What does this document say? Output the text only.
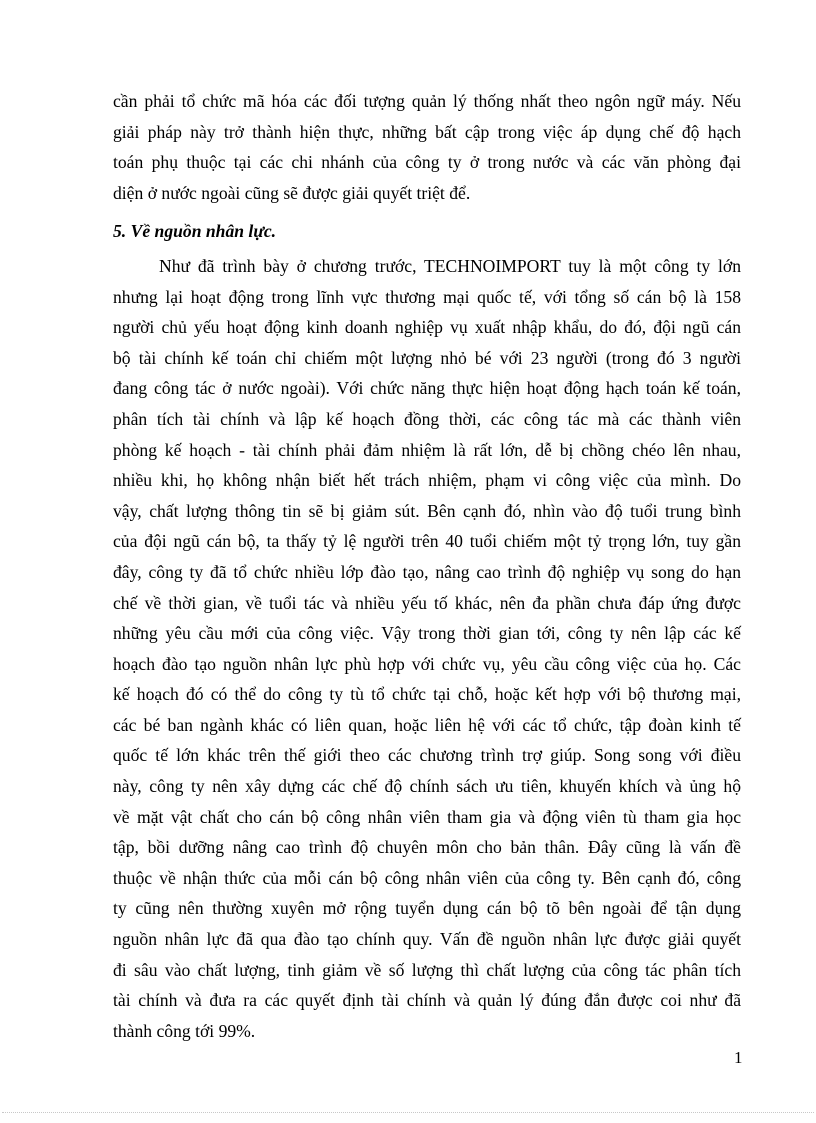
cần phải tổ chức mã hóa các đối tượng quản lý thống nhất theo ngôn ngữ máy. Nếu
giải pháp này trở thành hiện thực, những bất cập trong việc áp dụng chế độ hạch
toán phụ thuộc tại các chi nhánh của công ty ở trong nước và các văn phòng đại
diện ở nước ngoài cũng sẽ được giải quyết triệt để.
5. Về nguồn nhân lực.
Như đã trình bày ở chương trước, TECHNOIMPORT tuy là một công ty lớn
nhưng lại hoạt động trong lĩnh vực thương mại quốc tế, với tổng số cán bộ là 158
người chủ yếu hoạt động kinh doanh nghiệp vụ xuất nhập khẩu, do đó, đội ngũ cán
bộ tài chính kế toán chỉ chiếm một lượng nhỏ bé với 23 người (trong đó 3 người
đang công tác ở nước ngoài). Với chức năng thực hiện hoạt động hạch toán kế toán,
phân tích tài chính và lập kế hoạch đồng thời, các công tác mà các thành viên
phòng kế hoạch - tài chính phải đảm nhiệm là rất lớn, dễ bị chồng chéo lên nhau,
nhiều khi, họ không nhận biết hết trách nhiệm, phạm vi công việc của mình. Do
vậy, chất lượng thông tin sẽ bị giảm sút. Bên cạnh đó, nhìn vào độ tuổi trung bình
của đội ngũ cán bộ, ta thấy tỷ lệ người trên 40 tuổi chiếm một tỷ trọng lớn, tuy gần
đây, công ty đã tổ chức nhiều lớp đào tạo, nâng cao trình độ nghiệp vụ song do hạn
chế về thời gian, về tuổi tác và nhiều yếu tố khác, nên đa phần chưa đáp ứng được
những yêu cầu mới của công việc. Vậy trong thời gian tới, công ty nên lập các kế
hoạch đào tạo nguồn nhân lực phù hợp với chức vụ, yêu cầu công việc của họ. Các
kế hoạch đó có thể do công ty tù tổ chức tại chỗ, hoặc kết hợp với bộ thương mại,
các bé ban ngành khác có liên quan, hoặc liên hệ với các tổ chức, tập đoàn kinh tế
quốc tế lớn khác trên thế giới theo các chương trình trợ giúp. Song song với điều
này, công ty nên xây dựng các chế độ chính sách ưu tiên, khuyến khích và ủng hộ
về mặt vật chất cho cán bộ công nhân viên tham gia và động viên tù tham gia học
tập, bồi dưỡng nâng cao trình độ chuyên môn cho bản thân. Đây cũng là vấn đề
thuộc về nhận thức của mỗi cán bộ công nhân viên của công ty. Bên cạnh đó, công
ty cũng nên thường xuyên mở rộng tuyển dụng cán bộ tõ bên ngoài để tận dụng
nguồn nhân lực đã qua đào tạo chính quy. Vấn đề nguồn nhân lực được giải quyết
đi sâu vào chất lượng, tinh giảm về số lượng thì chất lượng của công tác phân tích
tài chính và đưa ra các quyết định tài chính và quản lý đúng đắn được coi như đã
thành công tới 99%.
1
